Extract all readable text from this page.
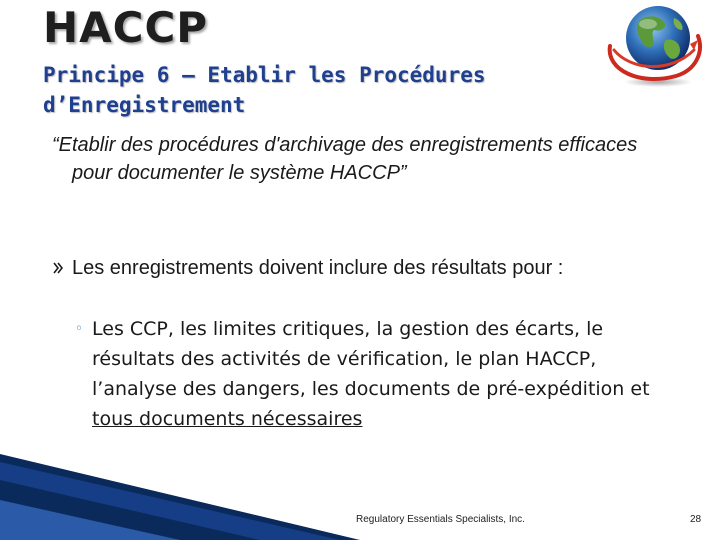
HACCP
Principe 6 – Etablir les Procédures d’Enregistrement

“Etablir des procédures d'archivage des enregistrements efficaces pour documenter le système HACCP”

Les enregistrements doivent inclure des résultats pour :
◦ Les CCP, les limites critiques, la gestion des écarts, le résultats des activités de vérification, le plan HACCP, l’analyse des dangers, les documents de pré-expédition et tous documents nécessaires
Regulatory Essentials Specialists, Inc.	28
